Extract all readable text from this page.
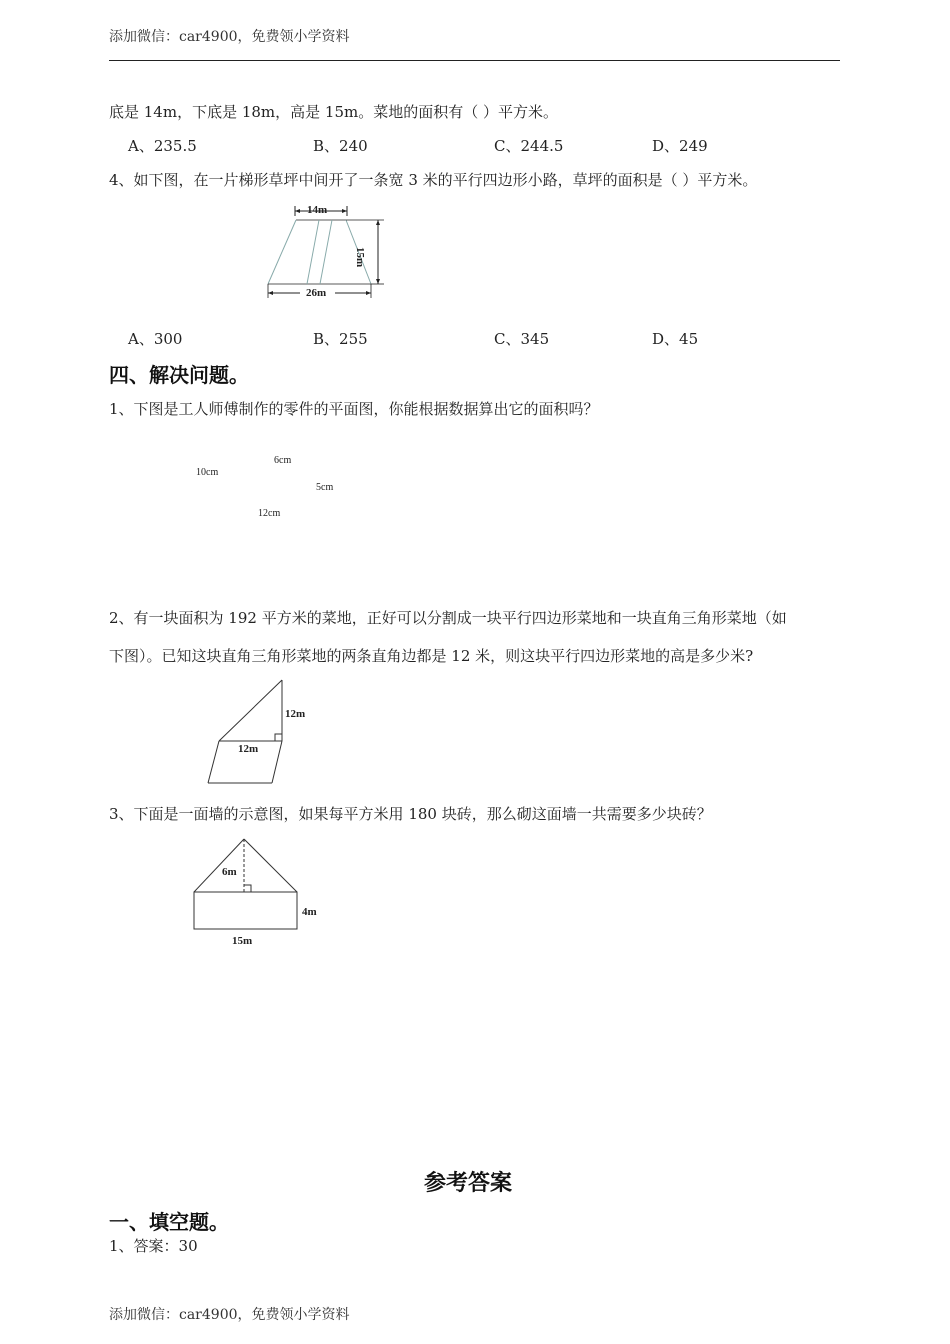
添加微信：car4900，免费领小学资料
底是 14m，下底是 18m，高是 15m。菜地的面积有（ ）平方米。
A、235.5	B、240	C、244.5	D、249
4、如下图，在一片梯形草坪中间开了一条宽 3 米的平行四边形小路，草坪的面积是（ ）平方米。
14m
26m
15m
A、300	B、255	C、345	D、45
四、解决问题。
1、下图是工人师傅制作的零件的平面图，你能根据数据算出它的面积吗？
10cm
6cm
5cm
12cm
2、有一块面积为 192 平方米的菜地，正好可以分割成一块平行四边形菜地和一块直角三角形菜地（如
下图）。已知这块直角三角形菜地的两条直角边都是 12 米，则这块平行四边形菜地的高是多少米?
12m
12m
3、下面是一面墙的示意图，如果每平方米用 180 块砖，那么砌这面墙一共需要多少块砖？
6m
4m
15m
参考答案
一、填空题。
1、答案：30
添加微信：car4900，免费领小学资料
